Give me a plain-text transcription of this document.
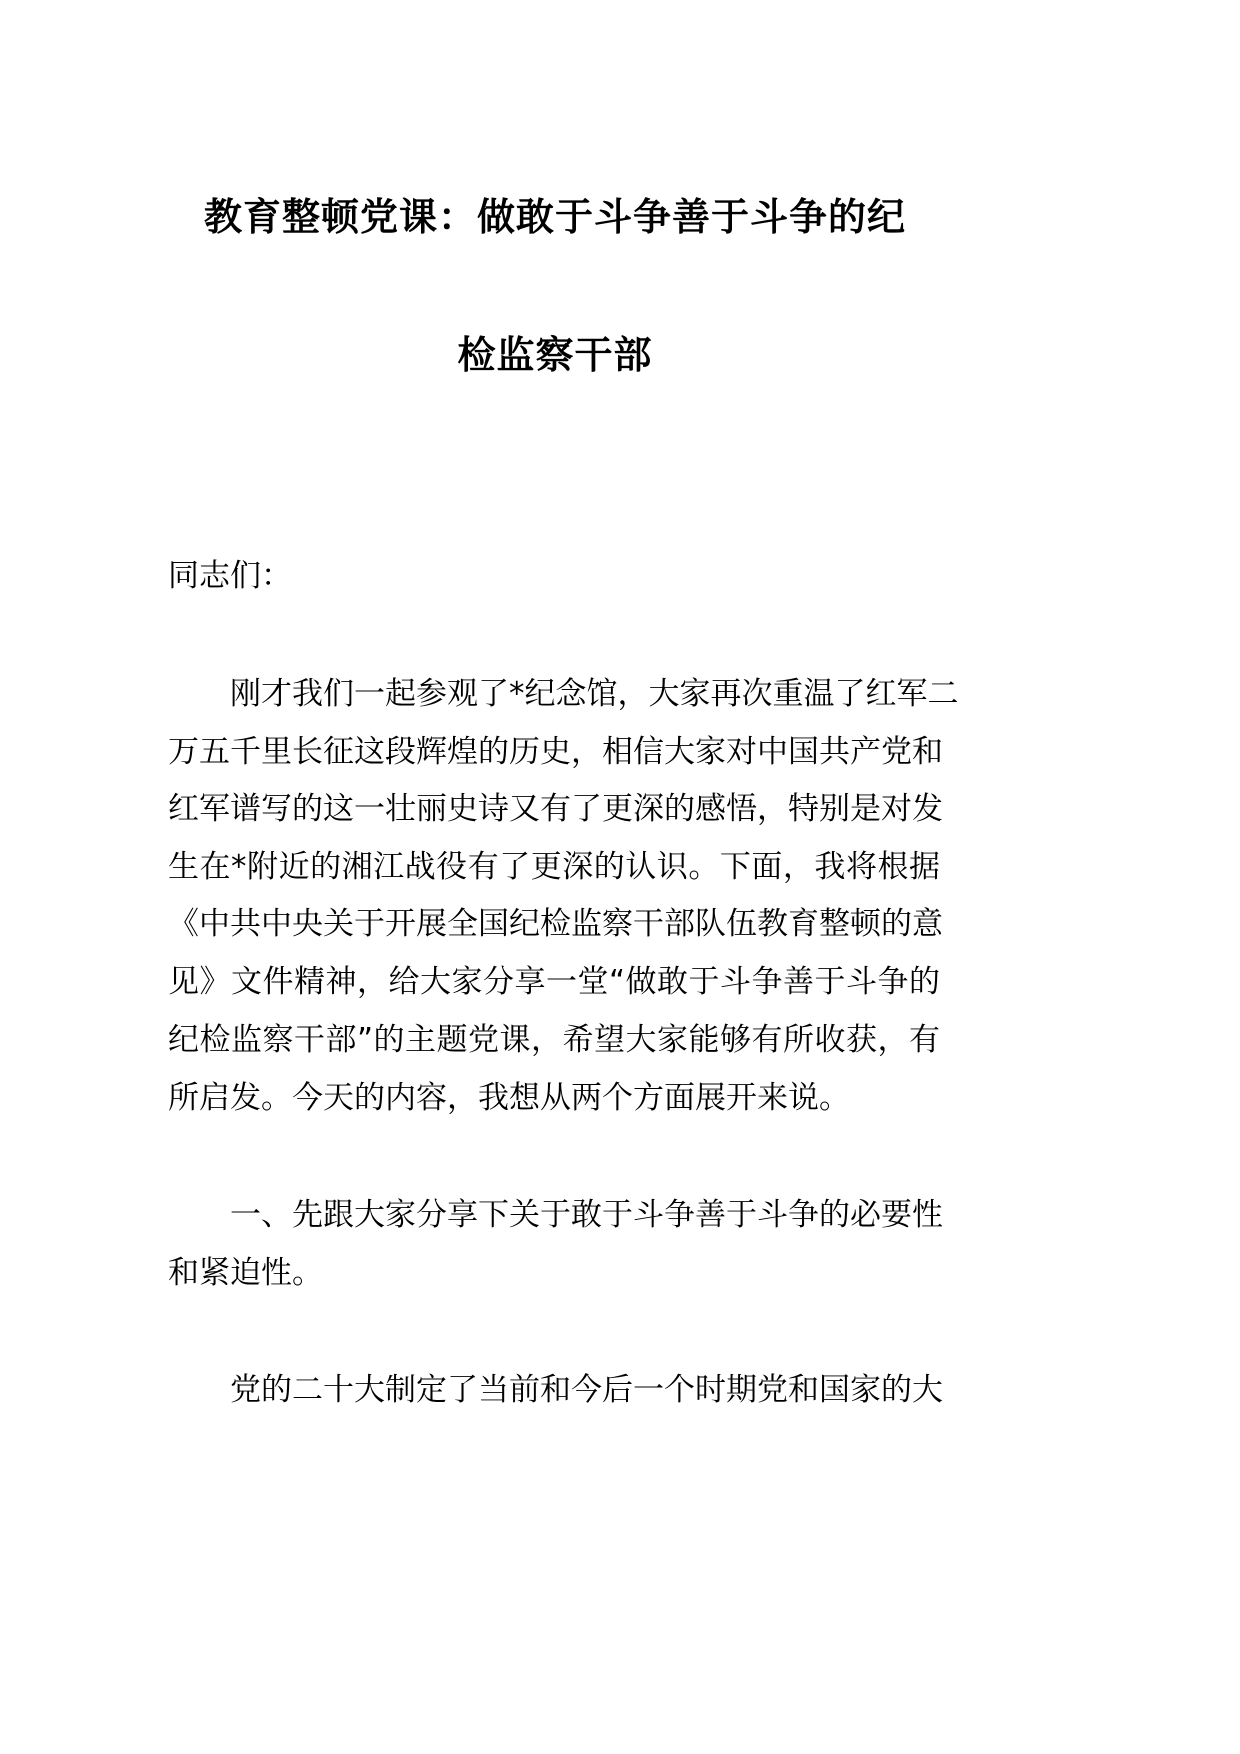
教育整顿党课：做敢于斗争善于斗争的纪
检监察干部
同志们：
刚才我们一起参观了*纪念馆，大家再次重温了红军二
万五千里长征这段辉煌的历史，相信大家对中国共产党和
红军谱写的这一壮丽史诗又有了更深的感悟，特别是对发
生在*附近的湘江战役有了更深的认识。下面，我将根据
《中共中央关于开展全国纪检监察干部队伍教育整顿的意
见》文件精神，给大家分享一堂“做敢于斗争善于斗争的
纪检监察干部”的主题党课，希望大家能够有所收获，有
所启发。今天的内容，我想从两个方面展开来说。
一、先跟大家分享下关于敢于斗争善于斗争的必要性
和紧迫性。
党的二十大制定了当前和今后一个时期党和国家的大
